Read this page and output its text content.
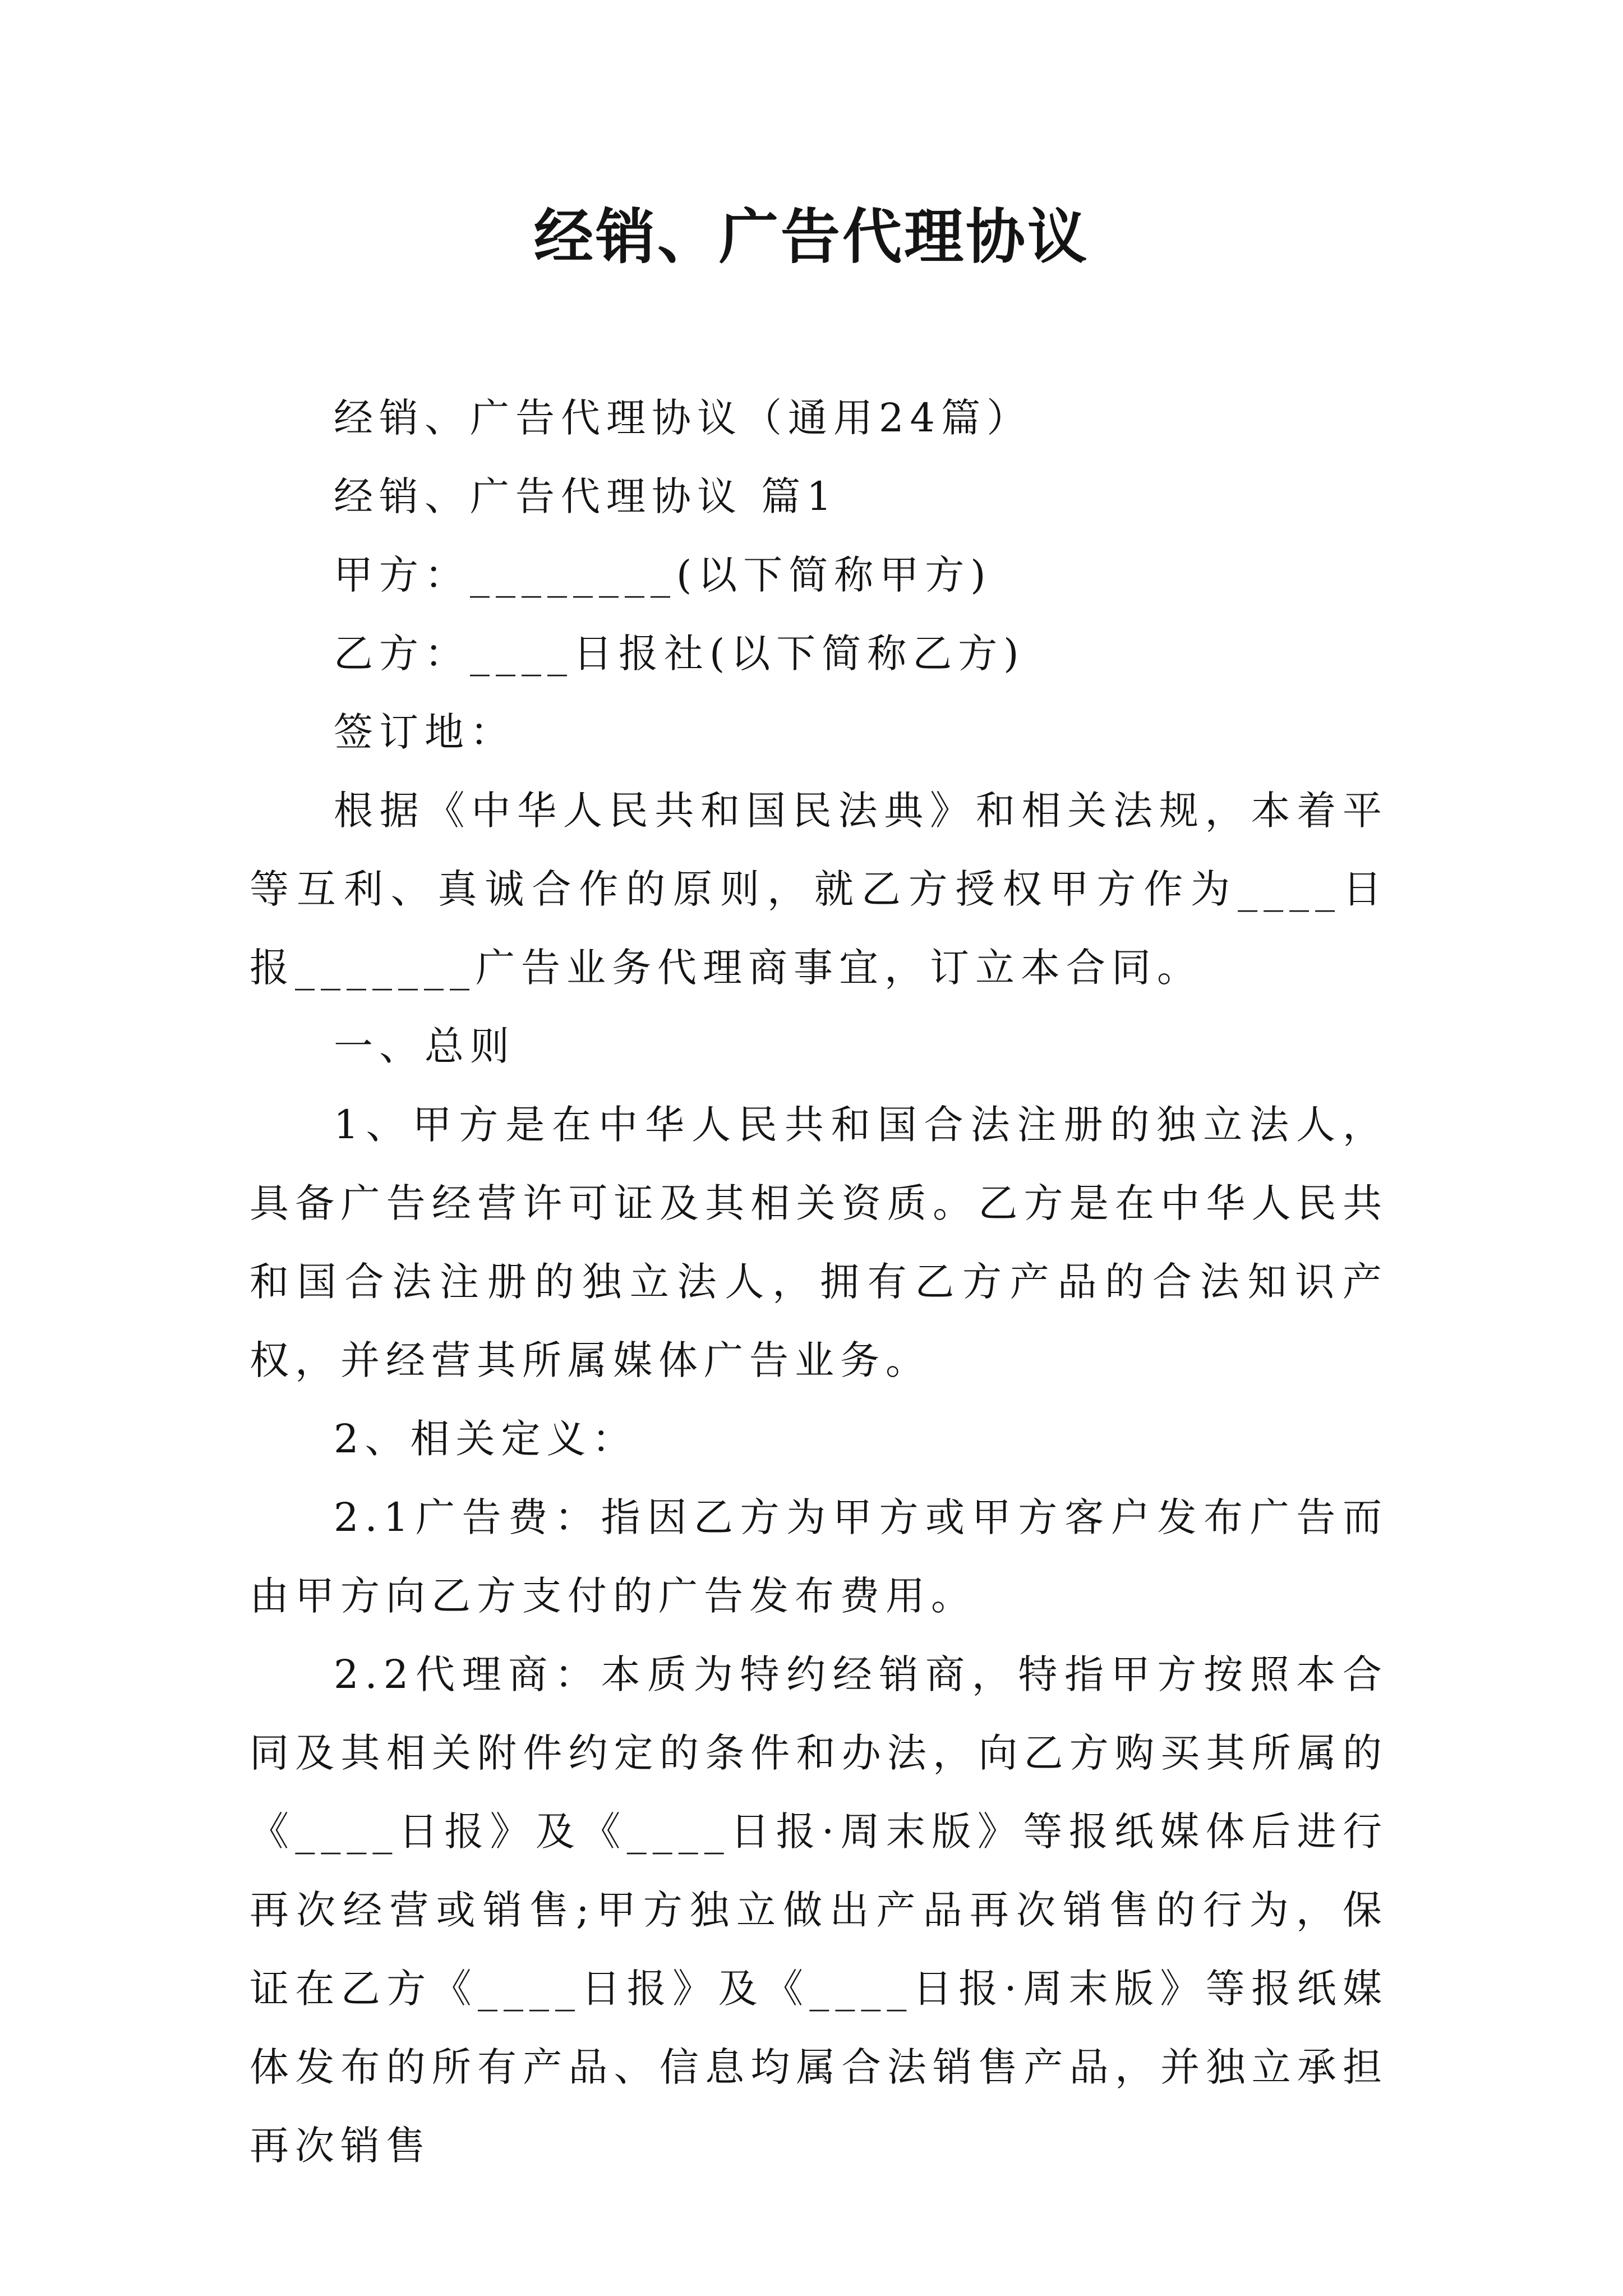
经销、广告代理协议

经销、广告代理协议（通用24篇）

经销、广告代理协议 篇1

甲方：________(以下简称甲方)

乙方：____日报社(以下简称乙方)

签订地：

根据《中华人民共和国民法典》和相关法规，本着平等互利、真诚合作的原则，就乙方授权甲方作为____日报_______广告业务代理商事宜，订立本合同。

一、总则

1、甲方是在中华人民共和国合法注册的独立法人，具备广告经营许可证及其相关资质。乙方是在中华人民共和国合法注册的独立法人，拥有乙方产品的合法知识产权，并经营其所属媒体广告业务。

2、相关定义：

2.1广告费：指因乙方为甲方或甲方客户发布广告而由甲方向乙方支付的广告发布费用。

2.2代理商：本质为特约经销商，特指甲方按照本合同及其相关附件约定的条件和办法，向乙方购买其所属的《____日报》及《____日报·周末版》等报纸媒体后进行再次经营或销售;甲方独立做出产品再次销售的行为，保证在乙方《____日报》及《____日报·周末版》等报纸媒体发布的所有产品、信息均属合法销售产品，并独立承担再次销售
